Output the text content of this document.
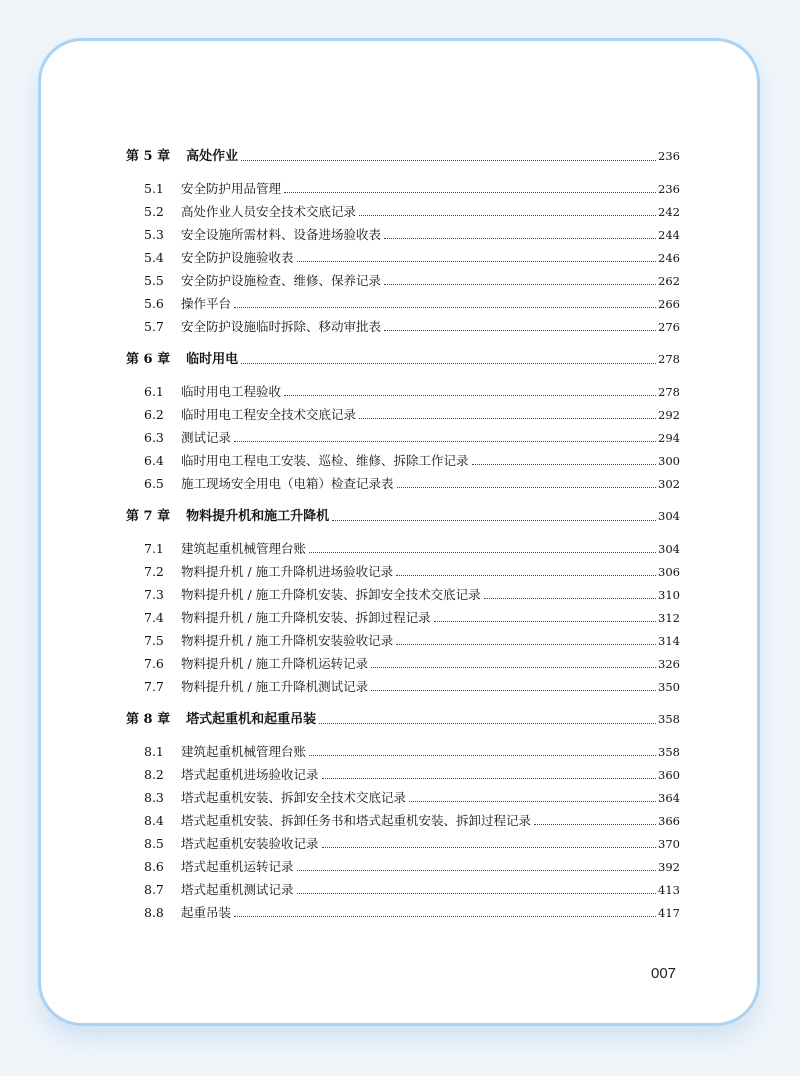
第 5 章 高处作业	236
5.1 安全防护用品管理	236
5.2 高处作业人员安全技术交底记录	242
5.3 安全设施所需材料、设备进场验收表	244
5.4 安全防护设施验收表	246
5.5 安全防护设施检查、维修、保养记录	262
5.6 操作平台	266
5.7 安全防护设施临时拆除、移动审批表	276
第 6 章 临时用电	278
6.1 临时用电工程验收	278
6.2 临时用电工程安全技术交底记录	292
6.3 测试记录	294
6.4 临时用电工程电工安装、巡检、维修、拆除工作记录	300
6.5 施工现场安全用电（电箱）检查记录表	302
第 7 章 物料提升机和施工升降机	304
7.1 建筑起重机械管理台账	304
7.2 物料提升机 / 施工升降机进场验收记录	306
7.3 物料提升机 / 施工升降机安装、拆卸安全技术交底记录	310
7.4 物料提升机 / 施工升降机安装、拆卸过程记录	312
7.5 物料提升机 / 施工升降机安装验收记录	314
7.6 物料提升机 / 施工升降机运转记录	326
7.7 物料提升机 / 施工升降机测试记录	350
第 8 章 塔式起重机和起重吊装	358
8.1 建筑起重机械管理台账	358
8.2 塔式起重机进场验收记录	360
8.3 塔式起重机安装、拆卸安全技术交底记录	364
8.4 塔式起重机安装、拆卸任务书和塔式起重机安装、拆卸过程记录	366
8.5 塔式起重机安装验收记录	370
8.6 塔式起重机运转记录	392
8.7 塔式起重机测试记录	413
8.8 起重吊装	417
007
